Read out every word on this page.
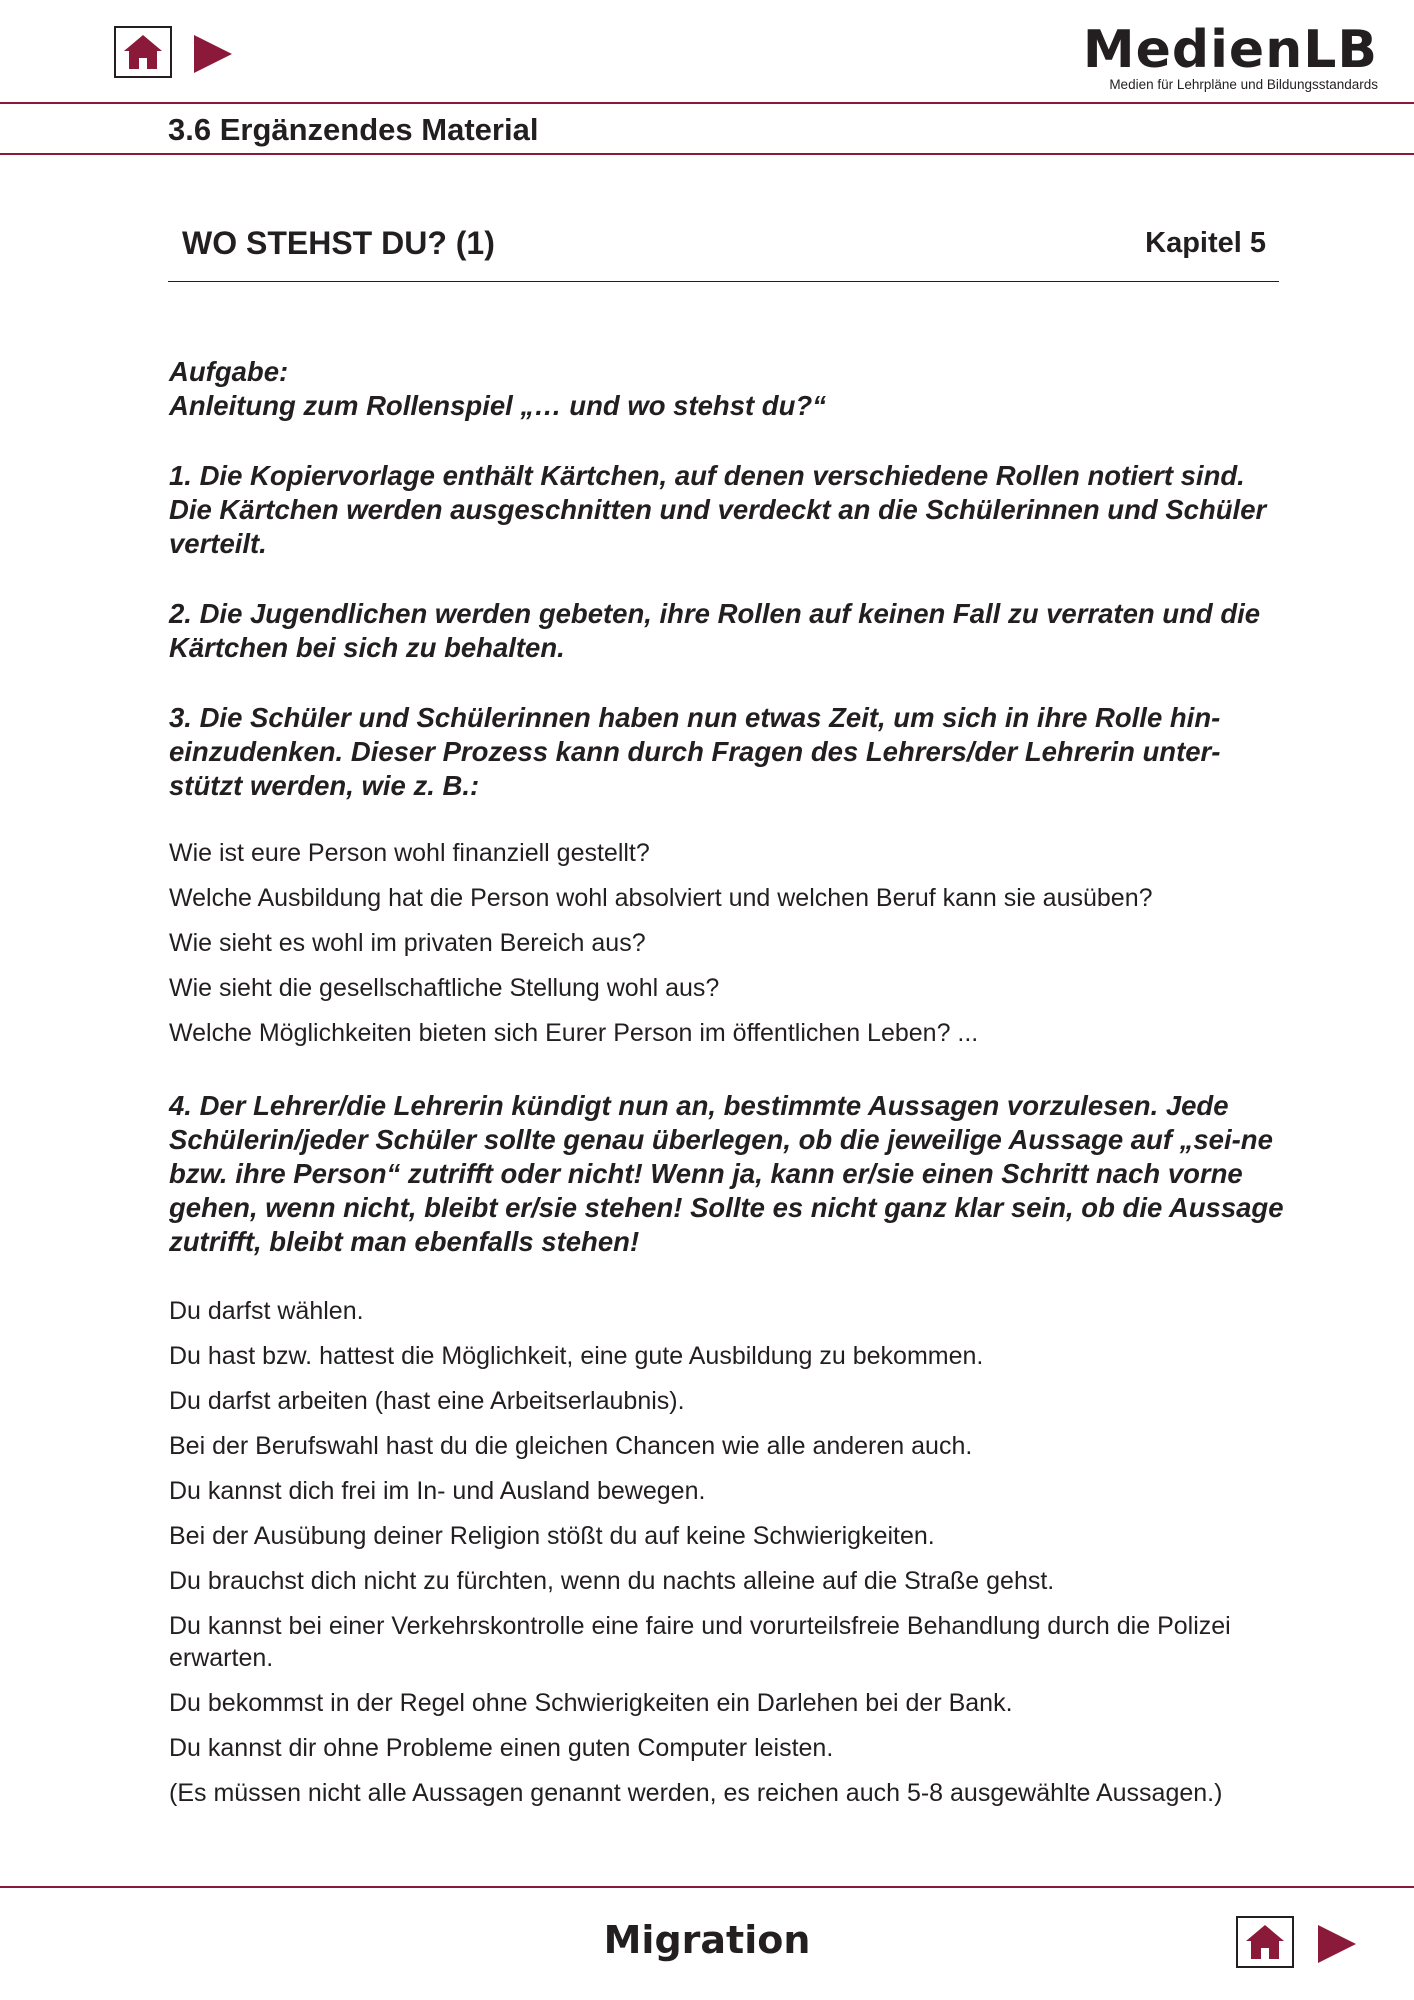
MedienLB
Medien für Lehrpläne und Bildungsstandards
3.6 Ergänzendes Material
WO STEHST DU? (1)	Kapitel 5

Aufgabe:

Anleitung zum Rollenspiel „… und wo stehst du?“

1. Die Kopiervorlage enthält Kärtchen, auf denen verschiedene Rollen notiert sind. Die Kärtchen werden ausgeschnitten und verdeckt an die Schülerinnen und Schüler verteilt.

2. Die Jugendlichen werden gebeten, ihre Rollen auf keinen Fall zu verraten und die Kärtchen bei sich zu behalten.

3. Die Schüler und Schülerinnen haben nun etwas Zeit, um sich in ihre Rolle hin-einzudenken. Dieser Prozess kann durch Fragen des Lehrers/der Lehrerin unter-stützt werden, wie z. B.:

Wie ist eure Person wohl finanziell gestellt?

Welche Ausbildung hat die Person wohl absolviert und welchen Beruf kann sie ausüben?

Wie sieht es wohl im privaten Bereich aus?

Wie sieht die gesellschaftliche Stellung wohl aus?

Welche Möglichkeiten bieten sich Eurer Person im öffentlichen Leben? ...

4. Der Lehrer/die Lehrerin kündigt nun an, bestimmte Aussagen vorzulesen. Jede Schülerin/jeder Schüler sollte genau überlegen, ob die jeweilige Aussage auf „sei-ne bzw. ihre Person“ zutrifft oder nicht! Wenn ja, kann er/sie einen Schritt nach vorne gehen, wenn nicht, bleibt er/sie stehen! Sollte es nicht ganz klar sein, ob die Aussage zutrifft, bleibt man ebenfalls stehen!

Du darfst wählen.

Du hast bzw. hattest die Möglichkeit, eine gute Ausbildung zu bekommen.

Du darfst arbeiten (hast eine Arbeitserlaubnis).

Bei der Berufswahl hast du die gleichen Chancen wie alle anderen auch.

Du kannst dich frei im In- und Ausland bewegen.

Bei der Ausübung deiner Religion stößt du auf keine Schwierigkeiten.

Du brauchst dich nicht zu fürchten, wenn du nachts alleine auf die Straße gehst.

Du kannst bei einer Verkehrskontrolle eine faire und vorurteilsfreie Behandlung durch die Polizei erwarten.

Du bekommst in der Regel ohne Schwierigkeiten ein Darlehen bei der Bank.

Du kannst dir ohne Probleme einen guten Computer leisten.

(Es müssen nicht alle Aussagen genannt werden, es reichen auch 5-8 ausgewählte Aussagen.)

Migration
